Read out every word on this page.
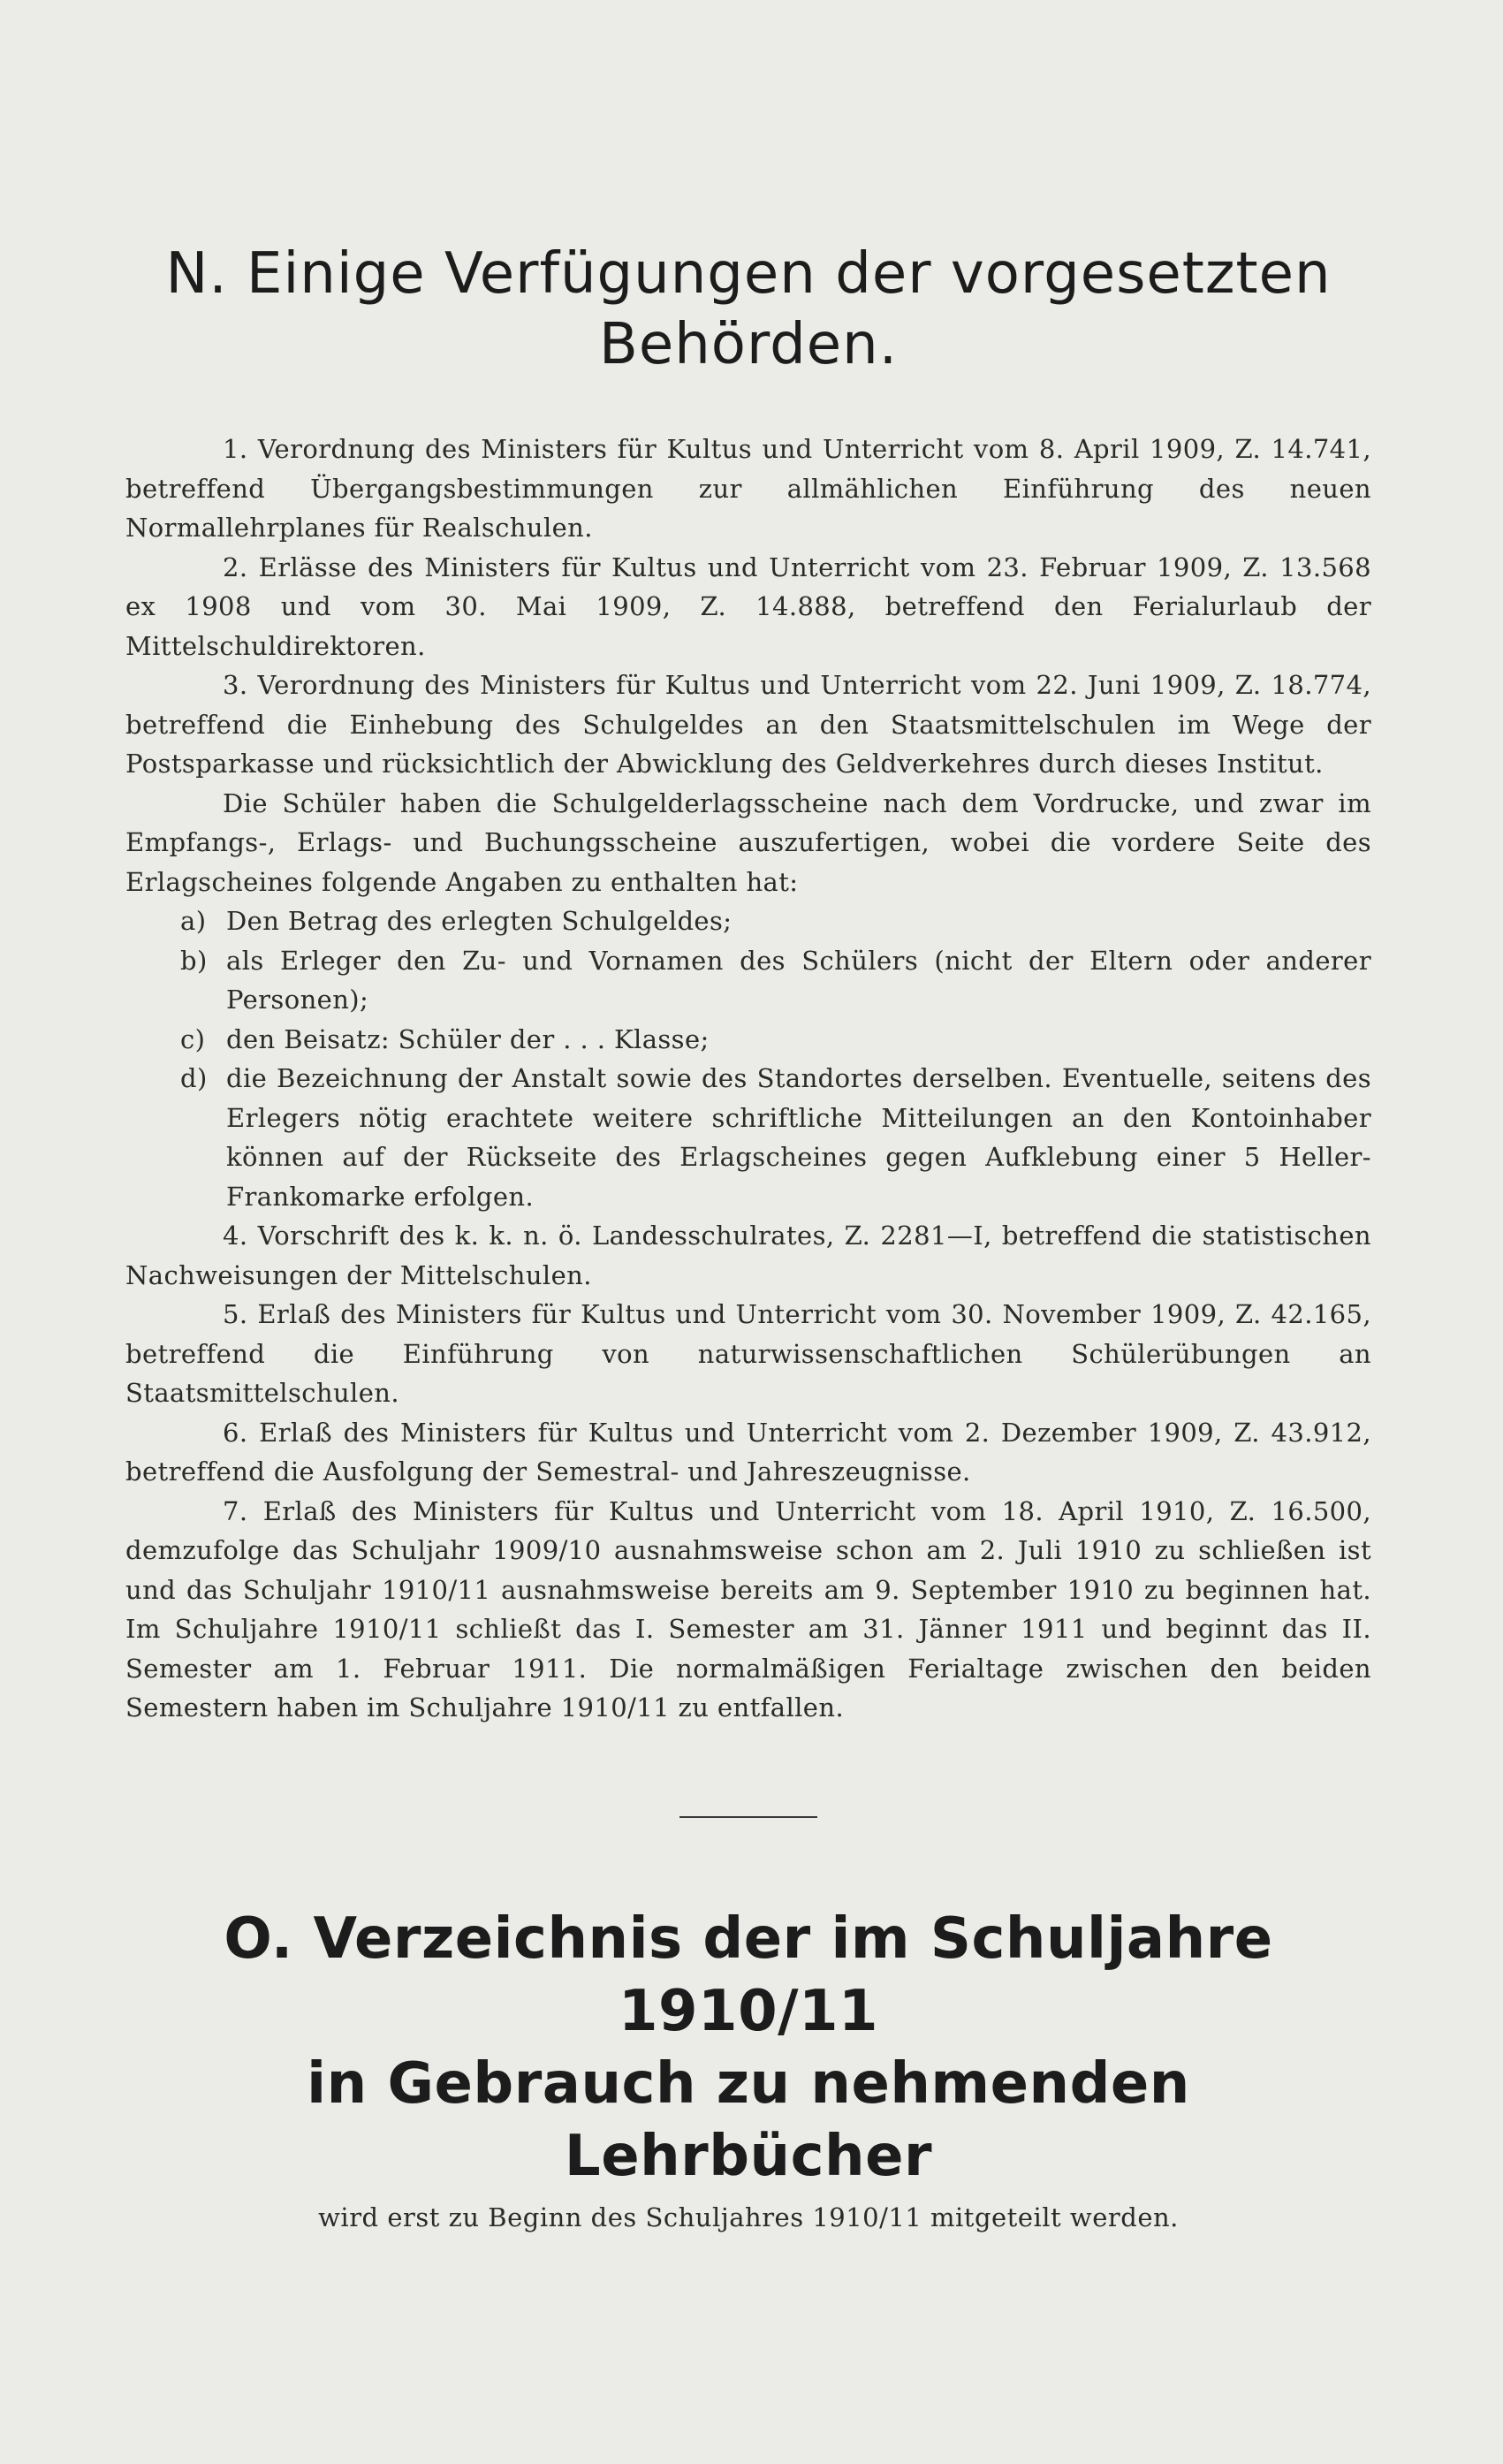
N. Einige Verfügungen der vorgesetzten Behörden.

1. Verordnung des Ministers für Kultus und Unterricht vom 8. April 1909, Z. 14.741, betreffend Übergangsbestimmungen zur allmählichen Einführung des neuen Normallehrplanes für Realschulen.

2. Erlässe des Ministers für Kultus und Unterricht vom 23. Februar 1909, Z. 13.568 ex 1908 und vom 30. Mai 1909, Z. 14.888, betreffend den Ferialurlaub der Mittelschuldirektoren.

3. Verordnung des Ministers für Kultus und Unterricht vom 22. Juni 1909, Z. 18.774, betreffend die Einhebung des Schulgeldes an den Staatsmittelschulen im Wege der Postsparkasse und rücksichtlich der Abwicklung des Geldverkehres durch dieses Institut.

Die Schüler haben die Schulgelderlagsscheine nach dem Vordrucke, und zwar im Empfangs-, Erlags- und Buchungsscheine auszufertigen, wobei die vordere Seite des Erlagscheines folgende Angaben zu enthalten hat:

a) Den Betrag des erlegten Schulgeldes;
b) als Erleger den Zu- und Vornamen des Schülers (nicht der Eltern oder anderer Personen);
c) den Beisatz: Schüler der . . . Klasse;
d) die Bezeichnung der Anstalt sowie des Standortes derselben. Eventuelle, seitens des Erlegers nötig erachtete weitere schriftliche Mitteilungen an den Kontoinhaber können auf der Rückseite des Erlagscheines gegen Aufklebung einer 5 Heller-Frankomarke erfolgen.

4. Vorschrift des k. k. n. ö. Landesschulrates, Z. 2281—I, betreffend die statistischen Nachweisungen der Mittelschulen.

5. Erlaß des Ministers für Kultus und Unterricht vom 30. November 1909, Z. 42.165, betreffend die Einführung von naturwissenschaftlichen Schülerübungen an Staatsmittelschulen.

6. Erlaß des Ministers für Kultus und Unterricht vom 2. Dezember 1909, Z. 43.912, betreffend die Ausfolgung der Semestral- und Jahreszeugnisse.

7. Erlaß des Ministers für Kultus und Unterricht vom 18. April 1910, Z. 16.500, demzufolge das Schuljahr 1909/10 ausnahmsweise schon am 2. Juli 1910 zu schließen ist und das Schuljahr 1910/11 ausnahmsweise bereits am 9. September 1910 zu beginnen hat. Im Schuljahre 1910/11 schließt das I. Semester am 31. Jänner 1911 und beginnt das II. Semester am 1. Februar 1911. Die normalmäßigen Ferialtage zwischen den beiden Semestern haben im Schuljahre 1910/11 zu entfallen.

O. Verzeichnis der im Schuljahre 1910/11
in Gebrauch zu nehmenden Lehrbücher
wird erst zu Beginn des Schuljahres 1910/11 mitgeteilt werden.
